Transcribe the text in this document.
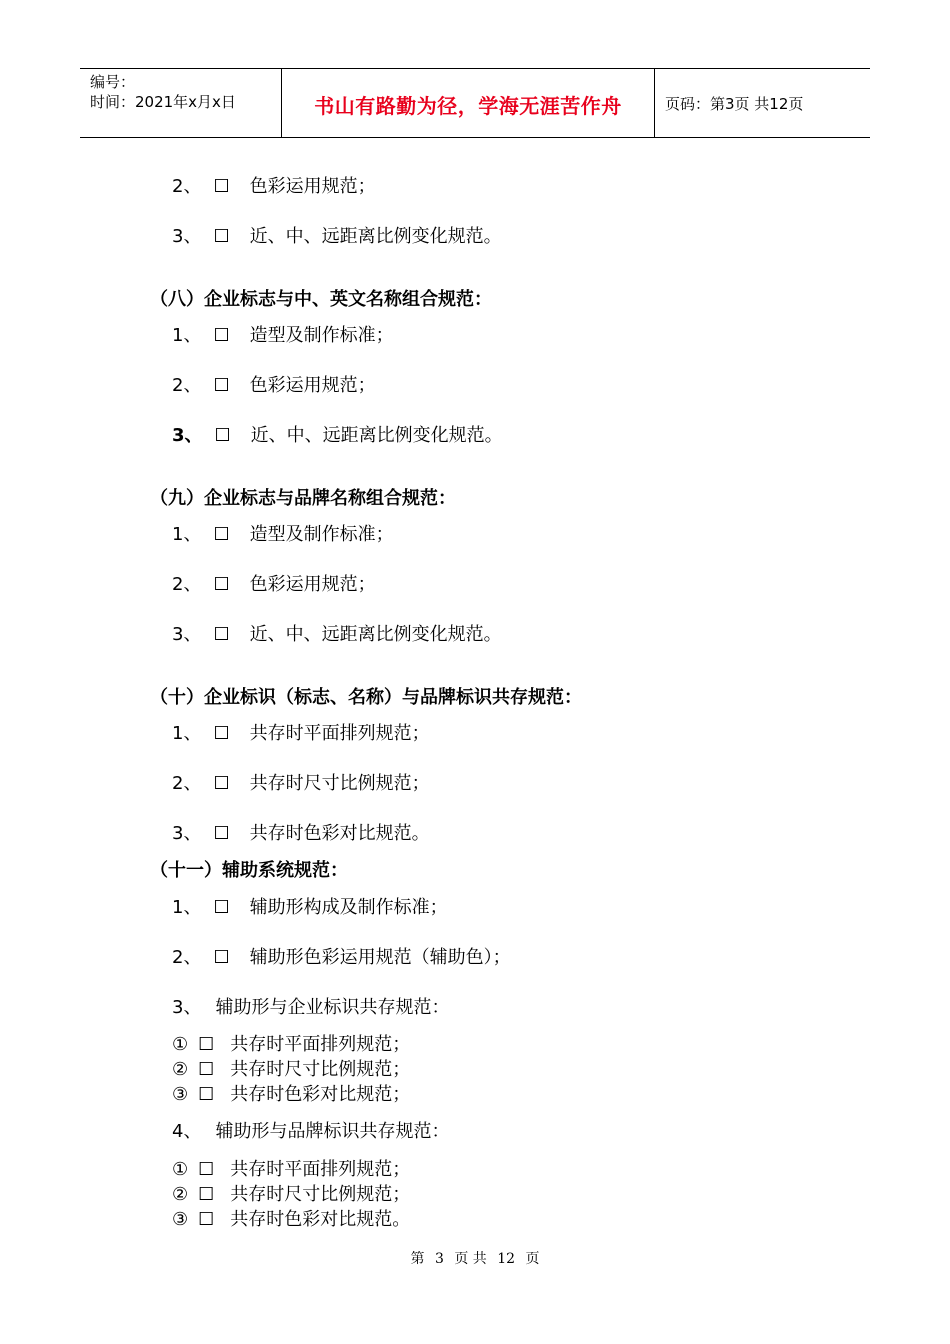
编号：
时间：2021年x月x日	书山有路勤为径，学海无涯苦作舟	页码：第3页 共12页
2、 ☐ 色彩运用规范；
3、 ☐ 近、中、远距离比例变化规范。
（八）企业标志与中、英文名称组合规范：
1、 ☐ 造型及制作标准；
2、 ☐ 色彩运用规范；
3、 ☐ 近、中、远距离比例变化规范。
（九）企业标志与品牌名称组合规范：
1、 ☐ 造型及制作标准；
2、 ☐ 色彩运用规范；
3、 ☐ 近、中、远距离比例变化规范。
（十）企业标识（标志、名称）与品牌标识共存规范：
1、 ☐ 共存时平面排列规范；
2、 ☐ 共存时尺寸比例规范；
3、 ☐ 共存时色彩对比规范。
（十一）辅助系统规范：
1、 ☐ 辅助形构成及制作标准；
2、 ☐ 辅助形色彩运用规范（辅助色）；
3、 辅助形与企业标识共存规范：
① ☐ 共存时平面排列规范；
② ☐ 共存时尺寸比例规范；
③ ☐ 共存时色彩对比规范；
4、 辅助形与品牌标识共存规范：
① ☐ 共存时平面排列规范；
② ☐ 共存时尺寸比例规范；
③ ☐ 共存时色彩对比规范。
第 3 页 共 12 页
